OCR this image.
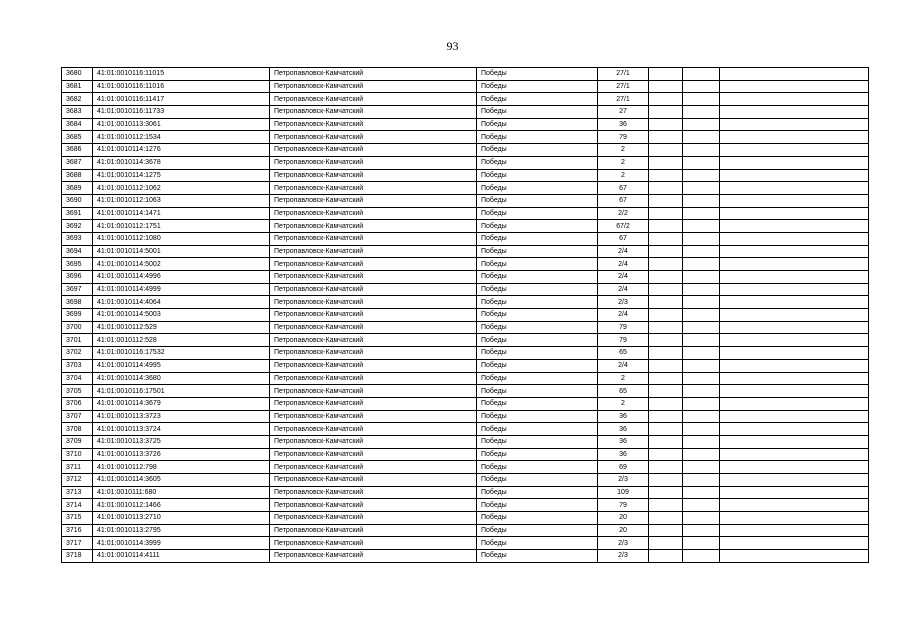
93
3680	41:01:0010116:11015	Петропавловск-Камчатский	Победы	27/1			
3681	41:01:0010116:11016	Петропавловск-Камчатский	Победы	27/1			
3682	41:01:0010116:11417	Петропавловск-Камчатский	Победы	27/1			
3683	41:01:0010116:11733	Петропавловск-Камчатский	Победы	27			
3684	41:01:0010113:3061	Петропавловск-Камчатский	Победы	36			
3685	41:01:0010112:1534	Петропавловск-Камчатский	Победы	79			
3686	41:01:0010114:1276	Петропавловск-Камчатский	Победы	2			
3687	41:01:0010114:3678	Петропавловск-Камчатский	Победы	2			
3688	41:01:0010114:1275	Петропавловск-Камчатский	Победы	2			
3689	41:01:0010112:1062	Петропавловск-Камчатский	Победы	67			
3690	41:01:0010112:1063	Петропавловск-Камчатский	Победы	67			
3691	41:01:0010114:1471	Петропавловск-Камчатский	Победы	2/2			
3692	41:01:0010112:1751	Петропавловск-Камчатский	Победы	67/2			
3693	41:01:0010112:1080	Петропавловск-Камчатский	Победы	67			
3694	41:01:0010114:5001	Петропавловск-Камчатский	Победы	2/4			
3695	41:01:0010114:5002	Петропавловск-Камчатский	Победы	2/4			
3696	41:01:0010114:4996	Петропавловск-Камчатский	Победы	2/4			
3697	41:01:0010114:4999	Петропавловск-Камчатский	Победы	2/4			
3698	41:01:0010114:4064	Петропавловск-Камчатский	Победы	2/3			
3699	41:01:0010114:5003	Петропавловск-Камчатский	Победы	2/4			
3700	41:01:0010112:529	Петропавловск-Камчатский	Победы	79			
3701	41:01:0010112:528	Петропавловск-Камчатский	Победы	79			
3702	41:01:0010116:17532	Петропавловск-Камчатский	Победы	65			
3703	41:01:0010114:4995	Петропавловск-Камчатский	Победы	2/4			
3704	41:01:0010114:3680	Петропавловск-Камчатский	Победы	2			
3705	41:01:0010116:17501	Петропавловск-Камчатский	Победы	65			
3706	41:01:0010114:3679	Петропавловск-Камчатский	Победы	2			
3707	41:01:0010113:3723	Петропавловск-Камчатский	Победы	36			
3708	41:01:0010113:3724	Петропавловск-Камчатский	Победы	36			
3709	41:01:0010113:3725	Петропавловск-Камчатский	Победы	36			
3710	41:01:0010113:3726	Петропавловск-Камчатский	Победы	36			
3711	41:01:0010112:798	Петропавловск-Камчатский	Победы	69			
3712	41:01:0010114:3605	Петропавловск-Камчатский	Победы	2/3			
3713	41:01:0010111:680	Петропавловск-Камчатский	Победы	109			
3714	41:01:0010112:1466	Петропавловск-Камчатский	Победы	79			
3715	41:01:0010113:2710	Петропавловск-Камчатский	Победы	20			
3716	41:01:0010113:2795	Петропавловск-Камчатский	Победы	20			
3717	41:01:0010114:3999	Петропавловск-Камчатский	Победы	2/3			
3718	41:01:0010114:4111	Петропавловск-Камчатский	Победы	2/3			
